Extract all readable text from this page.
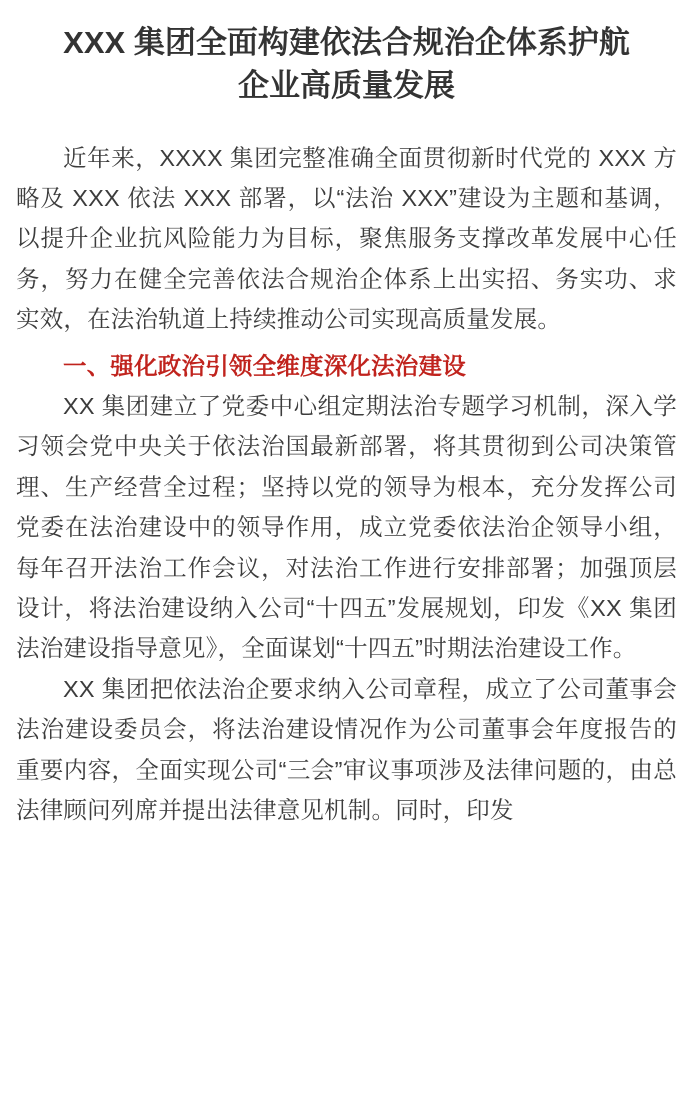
XXX 集团全面构建依法合规治企体系护航
企业高质量发展

近年来，XXXX 集团完整准确全面贯彻新时代党的 XXX 方略及 XXX 依法 XXX 部署，以“法治 XXX”建设为主题和基调，以提升企业抗风险能力为目标，聚焦服务支撑改革发展中心任务，努力在健全完善依法合规治企体系上出实招、务实功、求实效，在法治轨道上持续推动公司实现高质量发展。

一、强化政治引领全维度深化法治建设

XX 集团建立了党委中心组定期法治专题学习机制，深入学习领会党中央关于依法治国最新部署，将其贯彻到公司决策管理、生产经营全过程；坚持以党的领导为根本，充分发挥公司党委在法治建设中的领导作用，成立党委依法治企领导小组，每年召开法治工作会议，对法治工作进行安排部署；加强顶层设计，将法治建设纳入公司“十四五”发展规划，印发《XX 集团法治建设指导意见》，全面谋划“十四五”时期法治建设工作。

XX 集团把依法治企要求纳入公司章程，成立了公司董事会法治建设委员会，将法治建设情况作为公司董事会年度报告的重要内容，全面实现公司“三会”审议事项涉及法律问题的，由总法律顾问列席并提出法律意见机制。同时，印发
